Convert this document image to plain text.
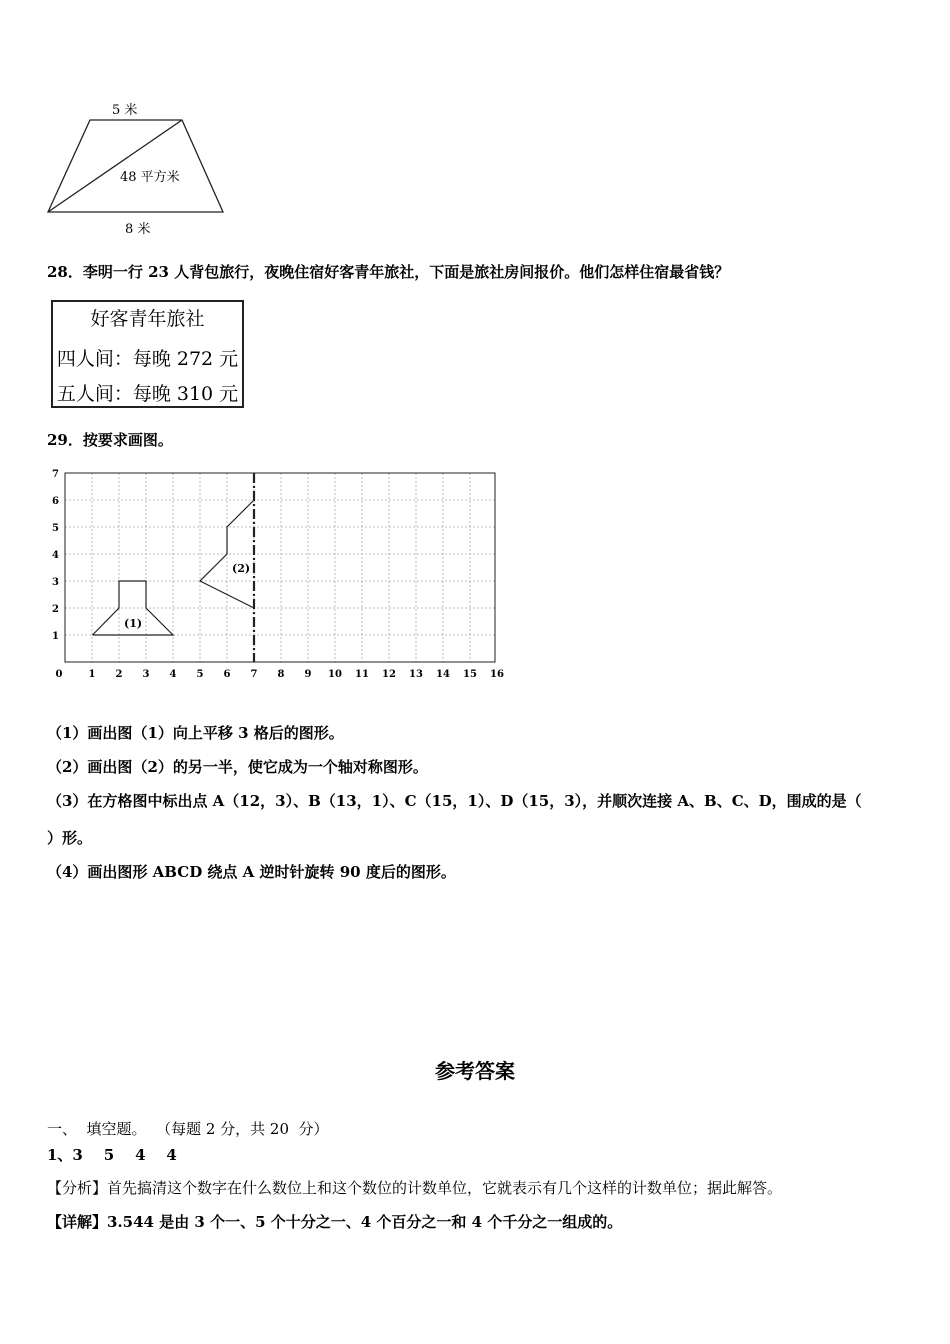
5 米
48 平方米
8 米
28．李明一行 23 人背包旅行，夜晚住宿好客青年旅社，下面是旅社房间报价。他们怎样住宿最省钱？
好客青年旅社
四人间：每晚 272 元
五人间：每晚 310 元
29．按要求画图。
(1)
(2)
0	1 2 3 4 5 6 7 8 9 10 11 12 13 14 15 16
1
2
3
4
5
6
7
（1）画出图（1）向上平移 3 格后的图形。
（2）画出图（2）的另一半，使它成为一个轴对称图形。
（3）在方格图中标出点 A（12，3）、B（13，1）、C（15，1）、D（15，3），并顺次连接 A、B、C、D，围成的是（
）形。
（4）画出图形 ABCD 绕点 A 逆时针旋转 90 度后的图形。
参考答案
一、  填空题。  （每题 2 分，共 20  分）
1、3    5    4    4
【分析】首先搞清这个数字在什么数位上和这个数位的计数单位，它就表示有几个这样的计数单位；据此解答。
【详解】3.544 是由 3 个一、5 个十分之一、4 个百分之一和 4 个千分之一组成的。
